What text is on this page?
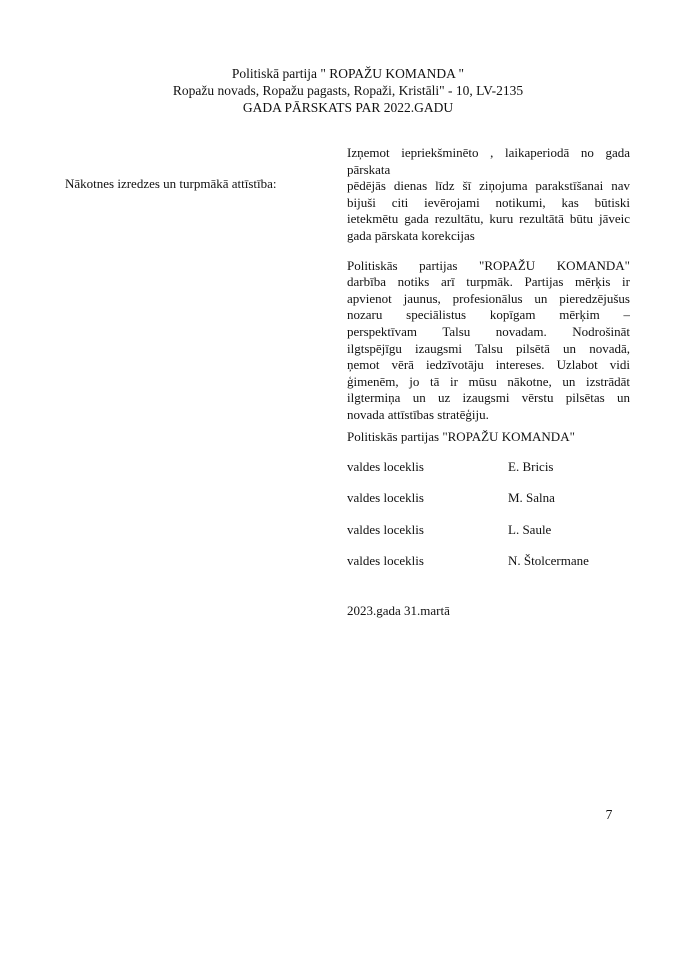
Politiskā partija " ROPAŽU KOMANDA "
Ropažu novads, Ropažu pagasts, Ropaži, Kristāli" - 10, LV-2135
GADA PĀRSKATS PAR 2022.GADU
Nākotnes izredzes un turpmākā attīstība:
Izņemot iepriekšminēto , laikaperiodā no gada
pārskata
pēdējās dienas līdz šī ziņojuma parakstīšanai nav
bijuši citi ievērojami notikumi, kas būtiski
ietekmētu gada rezultātu, kuru rezultātā būtu jāveic
gada pārskata korekcijas
Politiskās partijas "ROPAŽU KOMANDA"
darbība notiks arī turpmāk. Partijas mērķis ir
apvienot jaunus, profesionālus un pieredzējušus
nozaru speciālistus kopīgam mērķim –
perspektīvam Talsu novadam. Nodrošināt
ilgtspējīgu izaugsmi Talsu pilsētā un novadā,
ņemot vērā iedzīvotāju intereses. Uzlabot vidi
ģimenēm, jo tā ir mūsu nākotne, un izstrādāt
ilgtermiņa un uz izaugsmi vērstu pilsētas un
novada attīstības stratēģiju.
Politiskās partijas "ROPAŽU KOMANDA"
valdes loceklis	E. Bricis
valdes loceklis	M. Salna
valdes loceklis	L. Saule
valdes loceklis	N. Štolcermane
2023.gada 31.martā
7
